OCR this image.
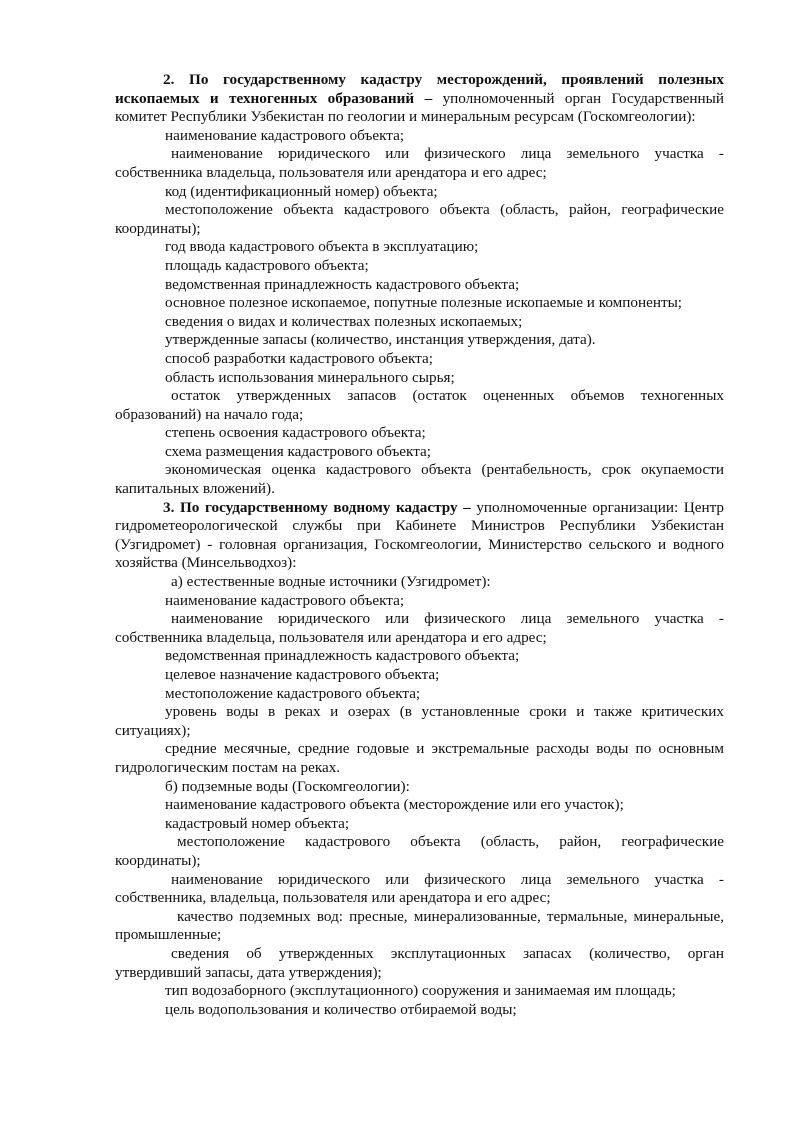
2. По государственному кадастру месторождений, проявлений полезных ископаемых и техногенных образований – уполномоченный орган Государственный комитет Республики Узбекистан по геологии и минеральным ресурсам (Госкомгеологии):

наименование кадастрового объекта;

наименование юридического или физического лица земельного участка - собственника владельца, пользователя или арендатора и его адрес;

код (идентификационный номер) объекта;

местоположение объекта кадастрового объекта (область, район, географические координаты);

год ввода кадастрового объекта в эксплуатацию;

площадь кадастрового объекта;

ведомственная принадлежность кадастрового объекта;

основное полезное ископаемое, попутные полезные ископаемые и компоненты;

сведения о видах и количествах полезных ископаемых;

утвержденные запасы (количество, инстанция утверждения, дата).

способ разработки кадастрового объекта;

область использования минерального сырья;

остаток утвержденных запасов (остаток оцененных объемов техногенных образований) на начало года;

степень освоения кадастрового объекта;

схема размещения кадастрового объекта;

экономическая оценка кадастрового объекта (рентабельность, срок окупаемости капитальных вложений).

3. По государственному водному кадастру – уполномоченные организации: Центр гидрометеорологической службы при Кабинете Министров Республики Узбекистан (Узгидромет) - головная организация, Госкомгеологии, Министерство сельского и водного хозяйства (Минсельводхоз):

а) естественные водные источники (Узгидромет):

наименование кадастрового объекта;

наименование юридического или физического лица земельного участка - собственника владельца, пользователя или арендатора и его адрес;

ведомственная принадлежность кадастрового объекта;

целевое назначение кадастрового объекта;

местоположение кадастрового объекта;

уровень воды в реках и озерах (в установленные сроки и также критических ситуациях);

средние месячные, средние годовые и экстремальные расходы воды по основным гидрологическим постам на реках.

б) подземные воды (Госкомгеологии):

наименование кадастрового объекта (месторождение или его участок);

кадастровый номер объекта;

местоположение кадастрового объекта (область, район, географические координаты);

наименование юридического или физического лица земельного участка - собственника, владельца, пользователя или арендатора и его адрес;

качество подземных вод: пресные, минерализованные, термальные, минеральные, промышленные;

сведения об утвержденных эксплутационных запасах (количество, орган утвердивший запасы, дата утверждения);

тип водозаборного (эксплутационного) сооружения и занимаемая им площадь;

цель водопользования и количество отбираемой воды;
